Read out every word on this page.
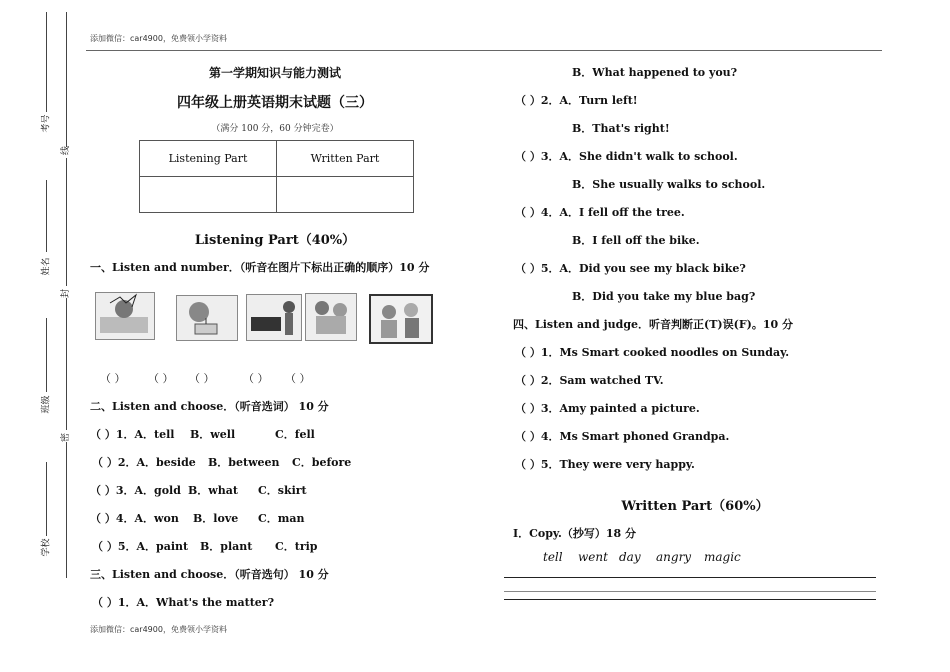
添加微信：car4900，免费领小学资料
添加微信：car4900，免费领小学资料
线
封
密
考号
姓名
班级
学校
第一学期知识与能力测试
四年级上册英语期末试题（三）
（满分 100 分，60 分钟完卷）
Listening Part	Written Part

Listening Part（40%）
一、Listen and number．（听音在图片下标出正确的顺序）10 分
（ ） （ ） （ ）	（ ） （ ）
二、Listen and choose．（听音选词） 10 分
（ ）1．A．tell B．well	C．fell
（ ）2．A．beside B．between C．before
（ ）3．A．gold B．what C．skirt
（ ）4．A．won B．love C．man
（ ）5．A．paint B．plant C．trip
三、Listen and choose．（听音选句） 10 分
（ ）1．A．What's the matter?
B．What happened to you?
（ ）2．A．Turn left!
B．That's right!
（ ）3．A．She didn't walk to school.
B．She usually walks to school.
（ ）4．A．I fell off the tree.
B．I fell off the bike.
（ ）5．A．Did you see my black bike?
B．Did you take my blue bag?
四、Listen and judge．听音判断正(T)误(F)。10 分
（ ）1．Ms Smart cooked noodles on Sunday.
（ ）2．Sam watched TV.
（ ）3．Amy painted a picture.
（ ）4．Ms Smart phoned Grandpa.
（ ）5．They were very happy.
Written Part（60%）
I．Copy.（抄写）18 分
tell went day angry magic
